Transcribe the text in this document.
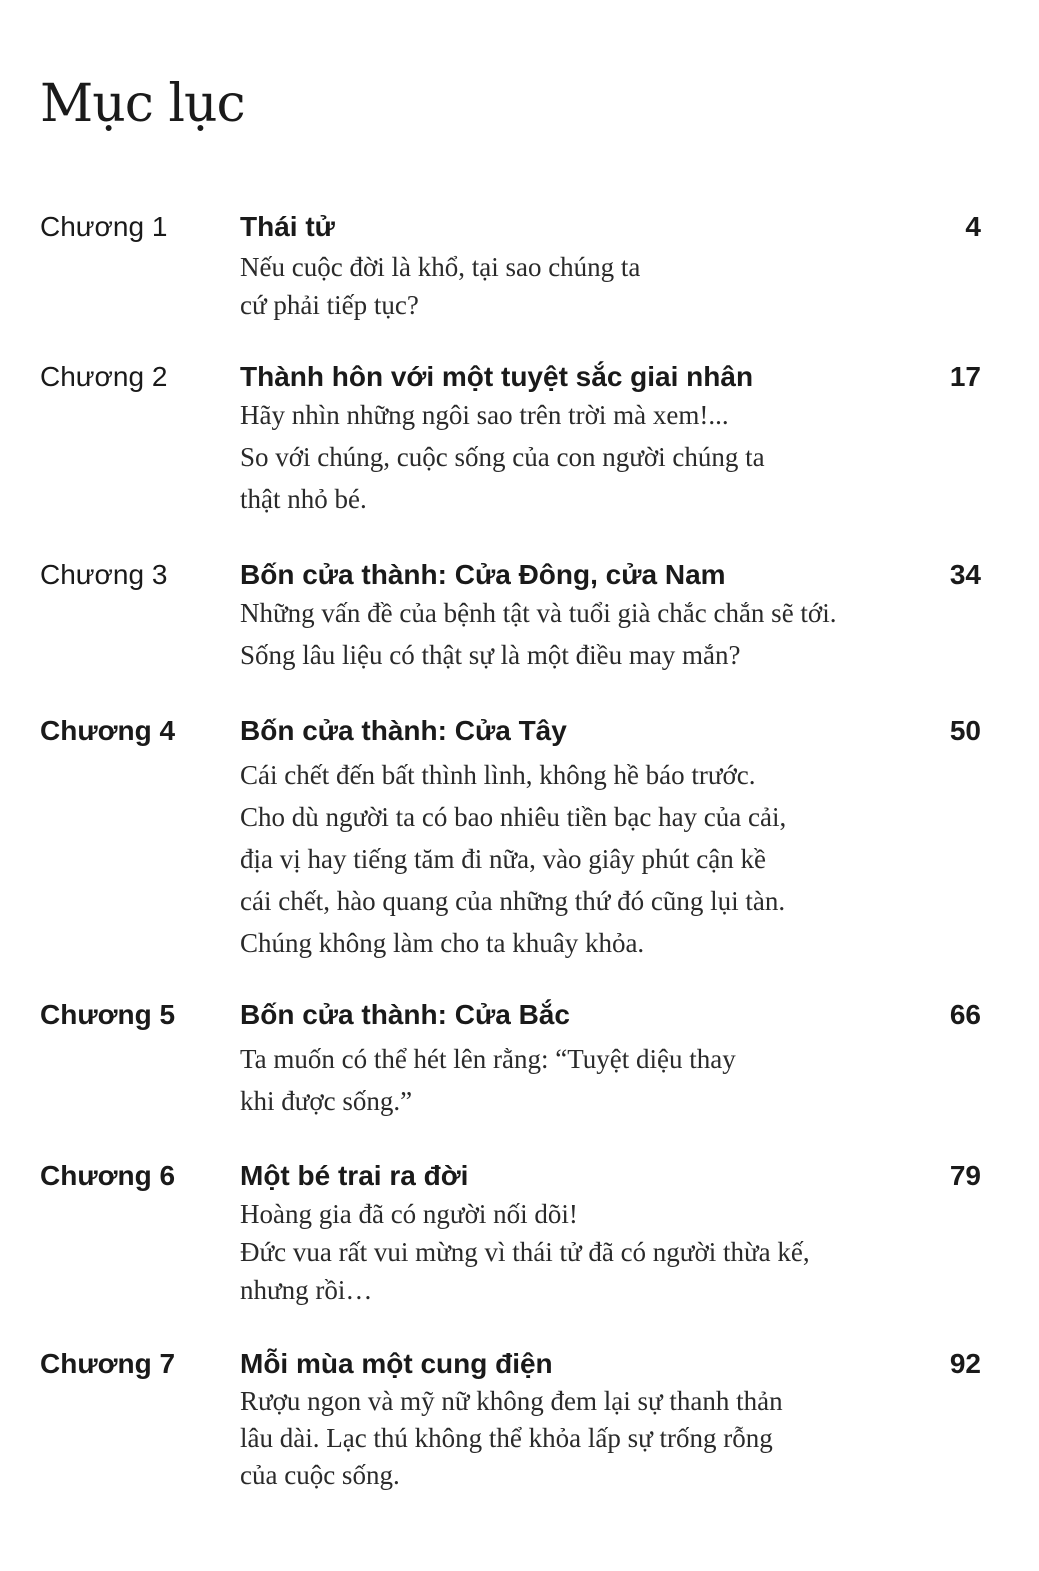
Mục lục
Chương 1	Thái tử	4
Nếu cuộc đời là khổ, tại sao chúng ta
cứ phải tiếp tục?
Chương 2	Thành hôn với một tuyệt sắc giai nhân	17
Hãy nhìn những ngôi sao trên trời mà xem!...
So với chúng, cuộc sống của con người chúng ta
thật nhỏ bé.
Chương 3	Bốn cửa thành: Cửa Đông, cửa Nam	34
Những vấn đề của bệnh tật và tuổi già chắc chắn sẽ tới.
Sống lâu liệu có thật sự là một điều may mắn?
Chương 4 Bốn cửa thành: Cửa Tây	50
Cái chết đến bất thình lình, không hề báo trước.
Cho dù người ta có bao nhiêu tiền bạc hay của cải,
địa vị hay tiếng tăm đi nữa, vào giây phút cận kề
cái chết, hào quang của những thứ đó cũng lụi tàn.
Chúng không làm cho ta khuây khỏa.
Chương 5 Bốn cửa thành: Cửa Bắc	66
Ta muốn có thể hét lên rằng: “Tuyệt diệu thay
khi được sống.”
Chương 6 Một bé trai ra đời	79
Hoàng gia đã có người nối dõi!
Đức vua rất vui mừng vì thái tử đã có người thừa kế,
nhưng rồi…
Chương 7 Mỗi mùa một cung điện	92
Rượu ngon và mỹ nữ không đem lại sự thanh thản
lâu dài. Lạc thú không thể khỏa lấp sự trống rỗng
của cuộc sống.
